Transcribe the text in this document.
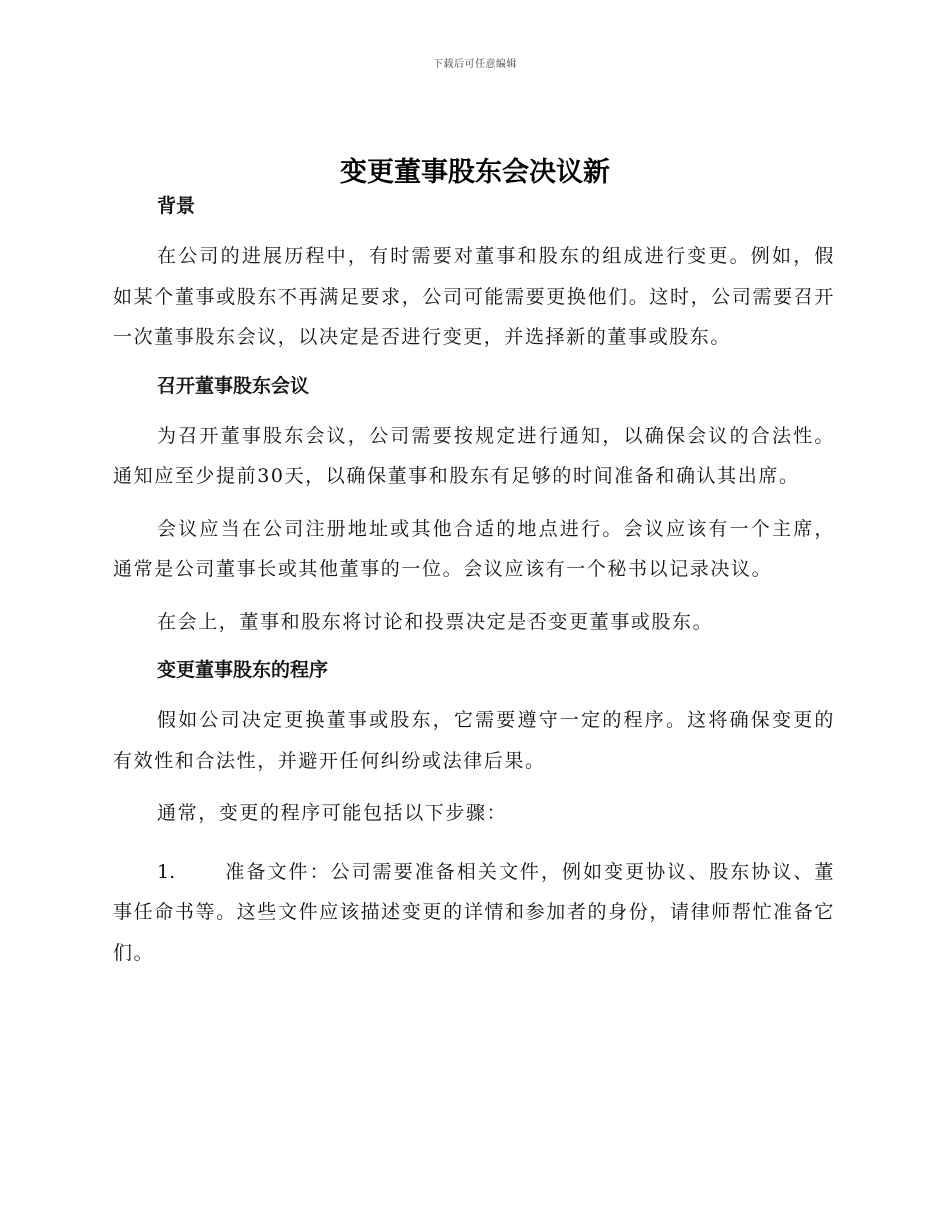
下载后可任意编辑
变更董事股东会决议新
背景

在公司的进展历程中，有时需要对董事和股东的组成进行变更。例如，假如某个董事或股东不再满足要求，公司可能需要更换他们。这时，公司需要召开一次董事股东会议，以决定是否进行变更，并选择新的董事或股东。

召开董事股东会议

为召开董事股东会议，公司需要按规定进行通知，以确保会议的合法性。通知应至少提前30天，以确保董事和股东有足够的时间准备和确认其出席。

会议应当在公司注册地址或其他合适的地点进行。会议应该有一个主席，通常是公司董事长或其他董事的一位。会议应该有一个秘书以记录决议。

在会上，董事和股东将讨论和投票决定是否变更董事或股东。

变更董事股东的程序

假如公司决定更换董事或股东，它需要遵守一定的程序。这将确保变更的有效性和合法性，并避开任何纠纷或法律后果。

通常，变更的程序可能包括以下步骤：

1.	准备文件：公司需要准备相关文件，例如变更协议、股东协议、董事任命书等。这些文件应该描述变更的详情和参加者的身份，请律师帮忙准备它们。
